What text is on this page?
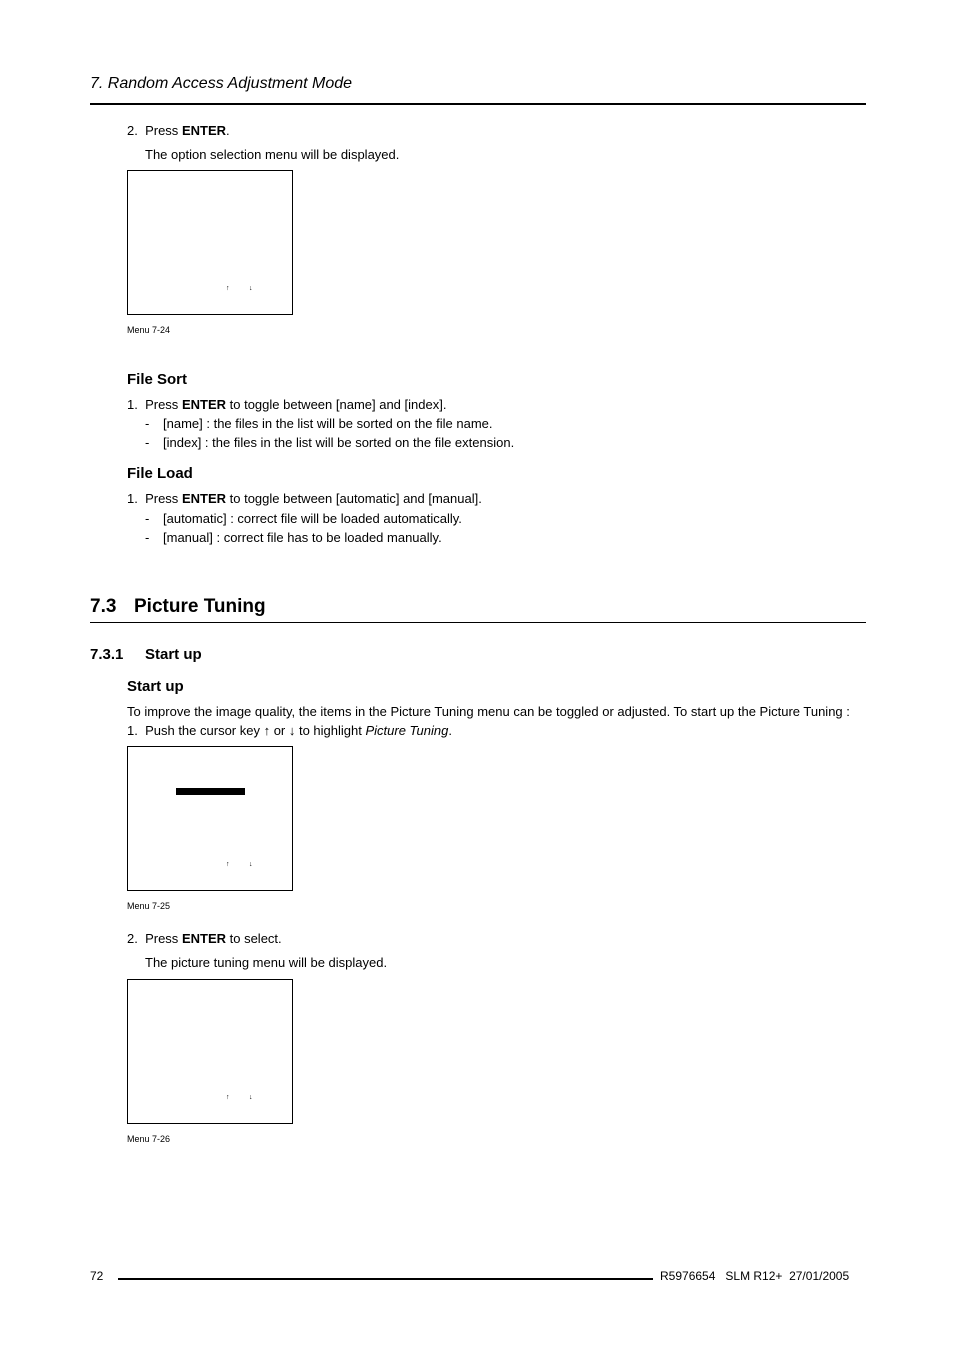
7. Random Access Adjustment Mode
2. Press ENTER.
The option selection menu will be displayed.
↑	↓
Menu 7-24
File Sort
1. Press ENTER to toggle between [name] and [index].
- [name] : the files in the list will be sorted on the file name.
- [index] : the files in the list will be sorted on the file extension.
File Load
1. Press ENTER to toggle between [automatic] and [manual].
- [automatic] : correct file will be loaded automatically.
- [manual] : correct file has to be loaded manually.
7.3 Picture Tuning
7.3.1 Start up
Start up
To improve the image quality, the items in the Picture Tuning menu can be toggled or adjusted. To start up the Picture Tuning :
1. Push the cursor key ↑ or ↓ to highlight Picture Tuning.
↑	↓
Menu 7-25
2. Press ENTER to select.
The picture tuning menu will be displayed.
↑	↓
Menu 7-26
72	R5976654   SLM R12+  27/01/2005
